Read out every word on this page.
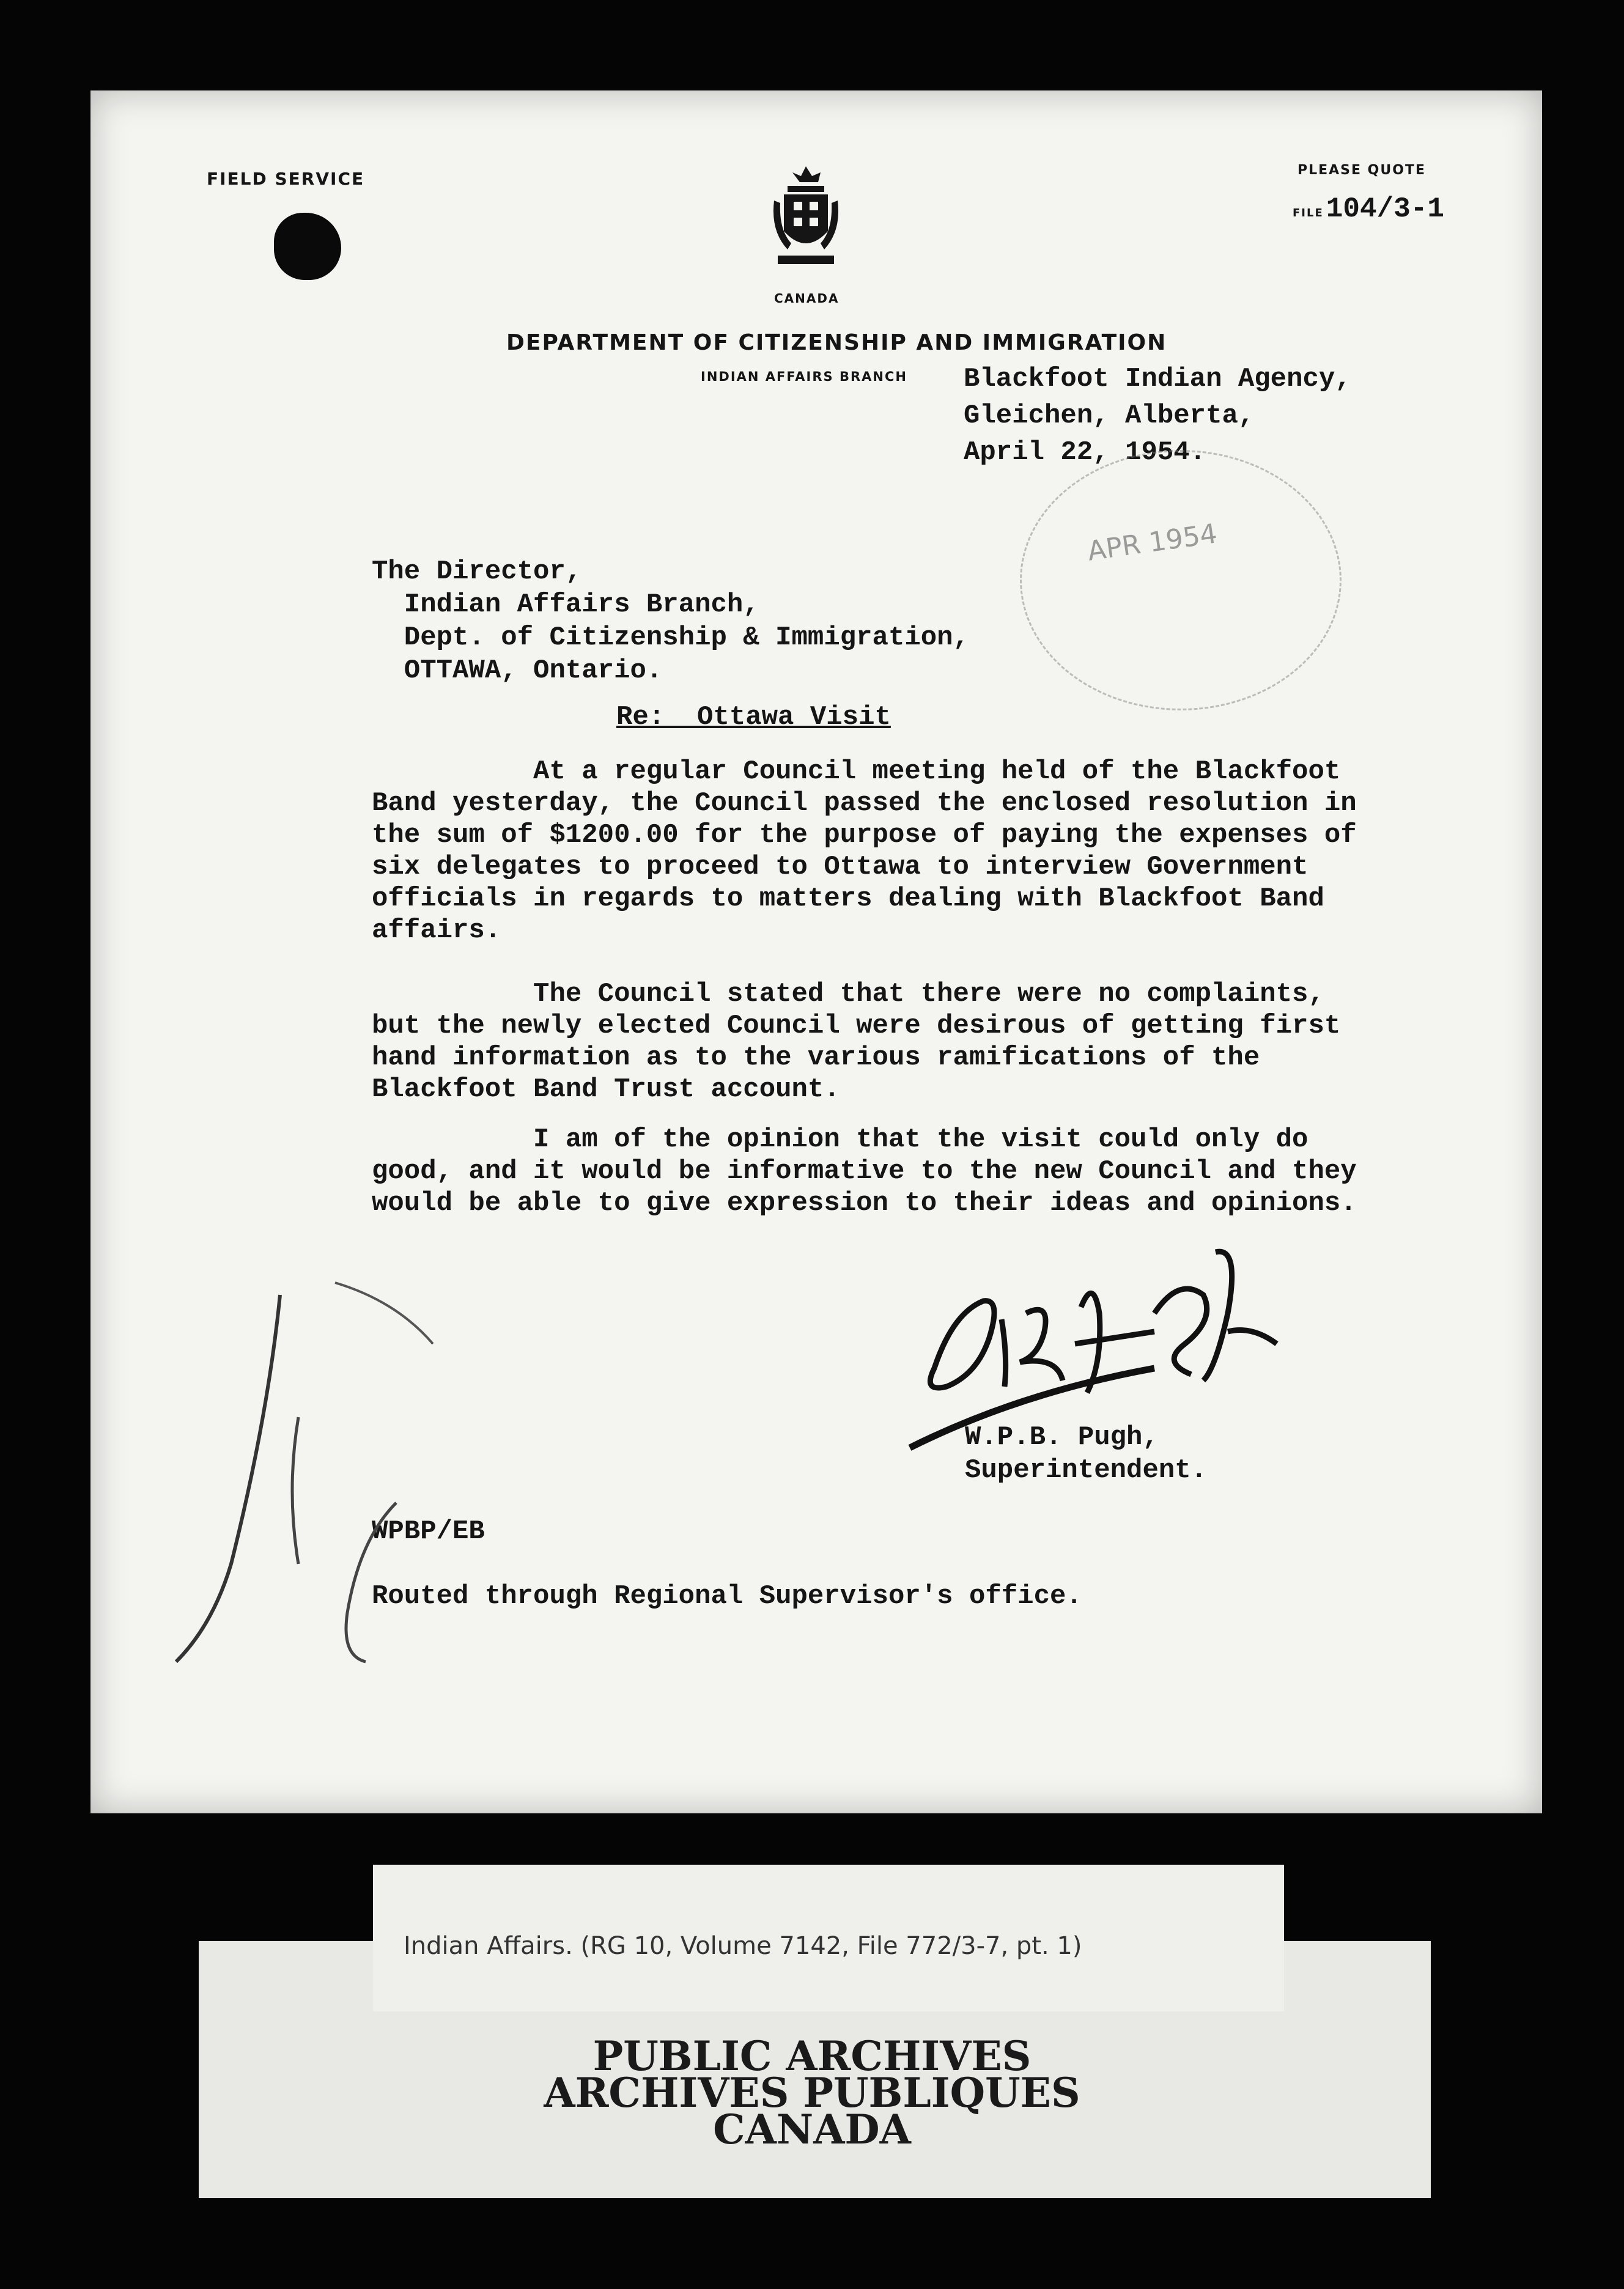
FIELD SERVICE
CANADA
PLEASE QUOTE
FILE104/3-1
DEPARTMENT OF CITIZENSHIP AND IMMIGRATION
INDIAN AFFAIRS BRANCH Blackfoot Indian Agency,
Gleichen, Alberta,
April 22, 1954.
APR 1954
The Director,
Indian Affairs Branch,
Dept. of Citizenship & Immigration,
OTTAWA, Ontario.
Re:  Ottawa Visit
At a regular Council meeting held of the Blackfoot
Band yesterday, the Council passed the enclosed resolution in
the sum of $1200.00 for the purpose of paying the expenses of
six delegates to proceed to Ottawa to interview Government
officials in regards to matters dealing with Blackfoot Band
affairs.
The Council stated that there were no complaints,
but the newly elected Council were desirous of getting first
hand information as to the various ramifications of the
Blackfoot Band Trust account.
I am of the opinion that the visit could only do
good, and it would be informative to the new Council and they
would be able to give expression to their ideas and opinions.
W.P.B. Pugh,
Superintendent.
WPBP/EB
Routed through Regional Supervisor's office.
Indian Affairs. (RG 10, Volume 7142, File 772/3-7, pt. 1)
PUBLIC ARCHIVES
ARCHIVES PUBLIQUES
CANADA
